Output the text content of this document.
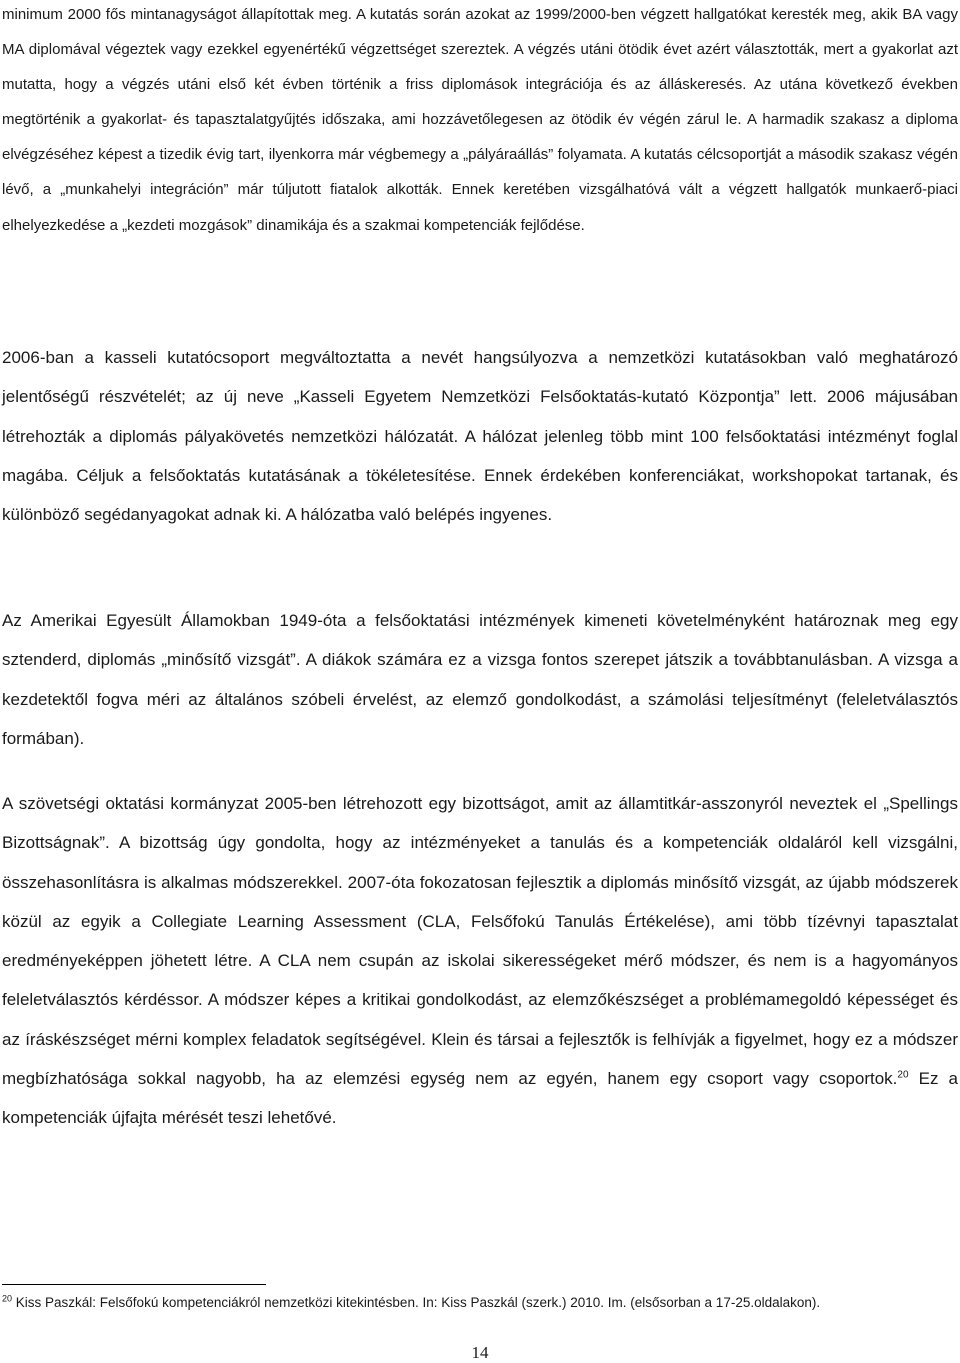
minimum 2000 fős mintanagyságot állapítottak meg. A kutatás során azokat az 1999/2000-ben végzett hallgatókat keresték meg, akik BA vagy MA diplomával végeztek vagy ezekkel egyenértékű végzettséget szereztek. A végzés utáni ötödik évet azért választották, mert a gyakorlat azt mutatta, hogy a végzés utáni első két évben történik a friss diplomások integrációja és az álláskeresés. Az utána következő években megtörténik a gyakorlat- és tapasztalatgyűjtés időszaka, ami hozzávetőlegesen az ötödik év végén zárul le. A harmadik szakasz a diploma elvégzéséhez képest a tizedik évig tart, ilyenkorra már végbemegy a „pályáraállás” folyamata. A kutatás célcsoportját a második szakasz végén lévő, a „munkahelyi integráción” már túljutott fiatalok alkották. Ennek keretében vizsgálhatóvá vált a végzett hallgatók munkaerő-piaci elhelyezkedése a „kezdeti mozgások” dinamikája és a szakmai kompetenciák fejlődése.

2006-ban a kasseli kutatócsoport megváltoztatta a nevét hangsúlyozva a nemzetközi kutatásokban való meghatározó jelentőségű részvételét; az új neve „Kasseli Egyetem Nemzetközi Felsőoktatás-kutató Központja” lett. 2006 májusában létrehozták a diplomás pályakövetés nemzetközi hálózatát. A hálózat jelenleg több mint 100 felsőoktatási intézményt foglal magába. Céljuk a felsőoktatás kutatásának a tökéletesítése. Ennek érdekében konferenciákat, workshopokat tartanak, és különböző segédanyagokat adnak ki. A hálózatba való belépés ingyenes.

Az Amerikai Egyesült Államokban 1949-óta a felsőoktatási intézmények kimeneti követelményként határoznak meg egy sztenderd, diplomás „minősítő vizsgát”. A diákok számára ez a vizsga fontos szerepet játszik a továbbtanulásban. A vizsga a kezdetektől fogva méri az általános szóbeli érvelést, az elemző gondolkodást, a számolási teljesítményt (feleletválasztós formában).

A szövetségi oktatási kormányzat 2005-ben létrehozott egy bizottságot, amit az államtitkár-asszonyról neveztek el „Spellings Bizottságnak”. A bizottság úgy gondolta, hogy az intézményeket a tanulás és a kompetenciák oldaláról kell vizsgálni, összehasonlításra is alkalmas módszerekkel. 2007-óta fokozatosan fejlesztik a diplomás minősítő vizsgát, az újabb módszerek közül az egyik a Collegiate Learning Assessment (CLA, Felsőfokú Tanulás Értékelése), ami több tízévnyi tapasztalat eredményeképpen jöhetett létre. A CLA nem csupán az iskolai sikerességeket mérő módszer, és nem is a hagyományos feleletválasztós kérdéssor. A módszer képes a kritikai gondolkodást, az elemzőkészséget a problémamegoldó képességet és az íráskészséget mérni komplex feladatok segítségével. Klein és társai a fejlesztők is felhívják a figyelmet, hogy ez a módszer megbízhatósága sokkal nagyobb, ha az elemzési egység nem az egyén, hanem egy csoport vagy csoportok.$^{20}$ Ez a kompetenciák újfajta mérését teszi lehetővé.

$^{20}$ Kiss Paszkál: Felsőfokú kompetenciákról nemzetközi kitekintésben. In: Kiss Paszkál (szerk.) 2010. Im. (elsősorban a 17-25.oldalakon).

14
